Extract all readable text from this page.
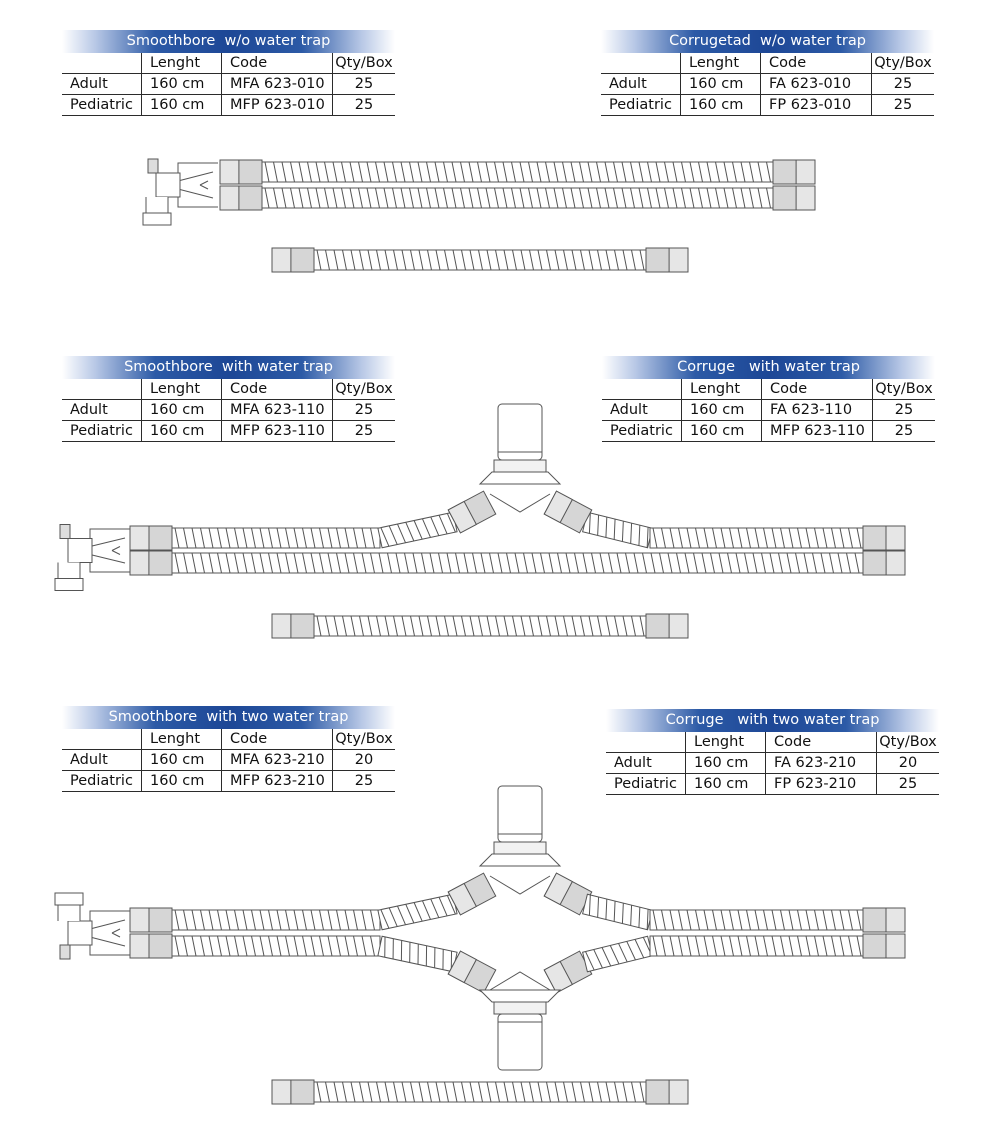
Smoothbore  w/o water trap
	Lenght	Code	Qty/Box
Adult	160 cm	MFA 623-010	25
Pediatric	160 cm	MFP 623-010	25
Corrugetad  w/o water trap
	Lenght	Code	Qty/Box
Adult	160 cm	FA 623-010	25
Pediatric	160 cm	FP 623-010	25
Smoothbore  with water trap
	Lenght	Code	Qty/Box
Adult	160 cm	MFA 623-110	25
Pediatric	160 cm	MFP 623-110	25
Corruge   with water trap
	Lenght	Code	Qty/Box
Adult	160 cm	FA 623-110	25
Pediatric	160 cm	MFP 623-110	25
Smoothbore  with two water trap
	Lenght	Code	Qty/Box
Adult	160 cm	MFA 623-210	20
Pediatric	160 cm	MFP 623-210	25
Corruge   with two water trap
	Lenght	Code	Qty/Box
Adult	160 cm	FA 623-210	20
Pediatric	160 cm	FP 623-210	25
